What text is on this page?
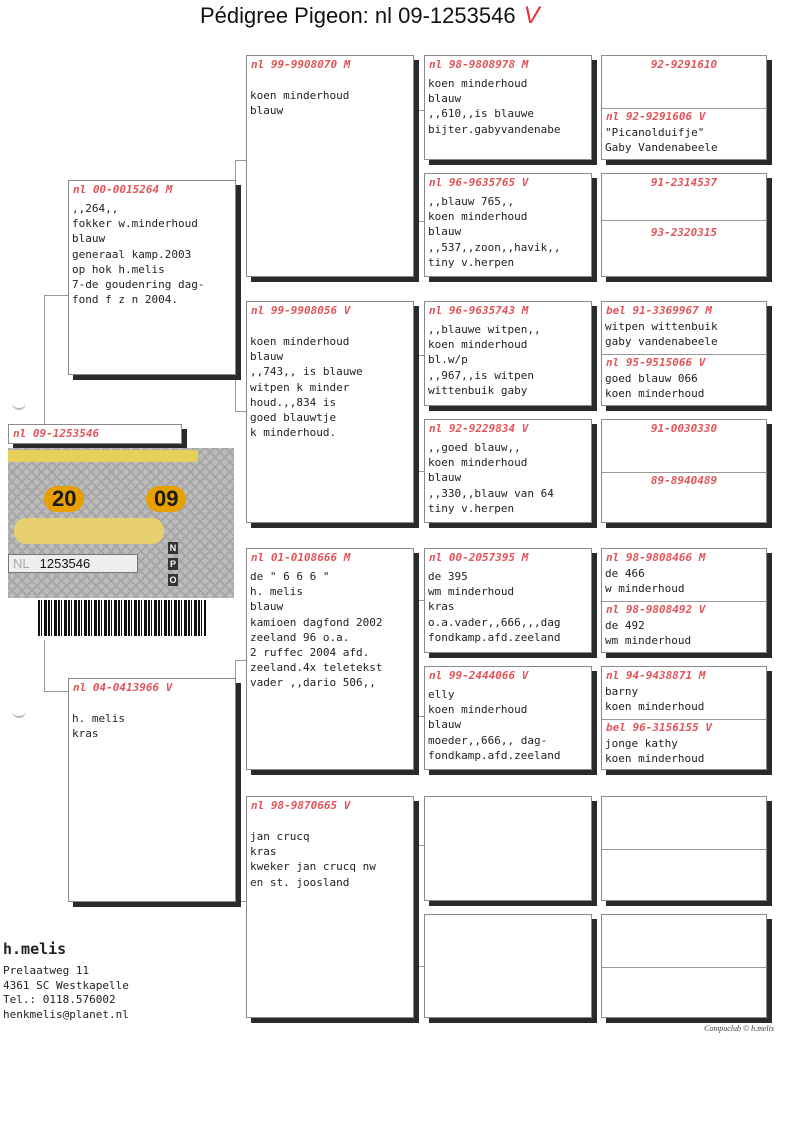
Pédigree Pigeon: nl 09-1253546 V
nl 00-0015264 M
,,264,,
fokker w.minderhoud
blauw
generaal kamp.2003
op hok h.melis
7-de goudenring dag-
fond f z n 2004.
nl 04-0413966 V
h. melis
kras
nl 99-9908070 M
koen minderhoud
blauw
nl 99-9908056 V
koen minderhoud
blauw
,,743,, is blauwe
witpen k minder
houd.,,834 is
goed blauwtje
k minderhoud.
nl 01-0108666 M
de " 6 6 6 "
h. melis
blauw
kamioen dagfond 2002
zeeland 96 o.a.
2 ruffec 2004 afd.
zeeland.4x teletekst
vader ,,dario 506,,
nl 98-9870665 V
jan crucq
kras
kweker jan crucq nw
en st. joosland
nl 98-9808978 M
koen minderhoud
blauw
,,610,,is blauwe
bijter.gabyvandenabe
nl 96-9635765 V
,,blauw 765,,
koen minderhoud
blauw
,,537,,zoon,,havik,,
tiny v.herpen
nl 96-9635743 M
,,blauwe witpen,,
koen minderhoud
bl.w/p
,,967,,is witpen
wittenbuik gaby
nl 92-9229834 V
,,goed blauw,,
koen minderhoud
blauw
,,330,,blauw van 64
tiny v.herpen
nl 00-2057395 M
de 395
wm minderhoud
kras
o.a.vader,,666,,,dag
fondkamp.afd.zeeland
nl 99-2444066 V
elly
koen minderhoud
blauw
moeder,,666,, dag-
fondkamp.afd.zeeland
92-9291610
nl 92-9291606 V
"Picanolduifje"
Gaby Vandenabeele
91-2314537
93-2320315
bel 91-3369967 M
witpen wittenbuik
gaby vandenabeele
nl 95-9515066 V
goed blauw 066
koen minderhoud
91-0030330
89-8940489
nl 98-9808466 M
de 466
w minderhoud
nl 98-9808492 V
de 492
wm minderhoud
nl 94-9438871 M
barny
koen minderhoud
bel 96-3156155 V
jonge kathy
koen minderhoud
nl 09-1253546
20	09
NL 1253546
N
P
O
h.melis
Prelaatweg 11
4361 SC Westkapelle
Tel.: 0118.576002
henkmelis@planet.nl
Compuclub © h.melis
